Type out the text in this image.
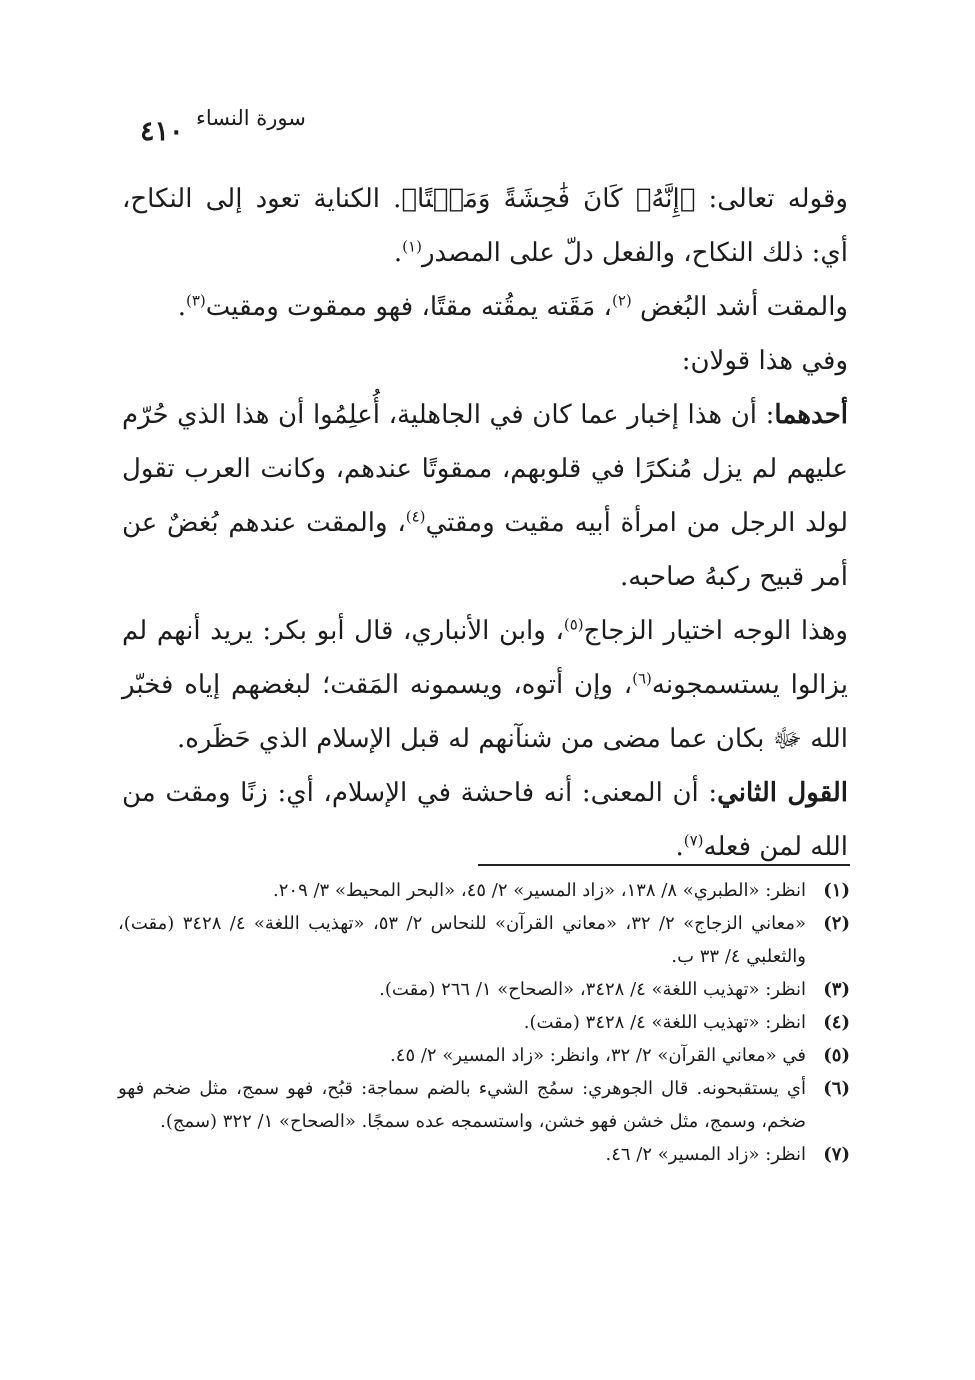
سورة النساء
٤١٠

وقوله تعالى: ﴿إِنَّهُۥ كَانَ فَٰحِشَةً وَمَقۡتًا﴾. الكناية تعود إلى النكاح، أي: ذلك النكاح، والفعل دلّ على المصدر$^{(١)}$.

والمقت أشد البُغض $^{(٢)}$، مَقَته يمقُته مقتًا، فهو ممقوت ومقيت$^{(٣)}$.

وفي هذا قولان:

أحدهما: أن هذا إخبار عما كان في الجاهلية، أُعلِمُوا أن هذا الذي حُرّم عليهم لم يزل مُنكرًا في قلوبهم، ممقوتًا عندهم، وكانت العرب تقول لولد الرجل من امرأة أبيه مقيت ومقتي$^{(٤)}$، والمقت عندهم بُغضٌ عن أمر قبيح ركبهُ صاحبه.

وهذا الوجه اختيار الزجاج$^{(٥)}$، وابن الأنباري، قال أبو بكر: يريد أنهم لم يزالوا يستسمجونه$^{(٦)}$، وإن أتوه، ويسمونه المَقت؛ لبغضهم إياه فخبّر الله ﷻ بكان عما مضى من شنآنهم له قبل الإسلام الذي حَظَره.

القول الثاني: أن المعنى: أنه فاحشة في الإسلام، أي: زنًا ومقت من الله لمن فعله$^{(٧)}$.

(١)
انظر: «الطبري» ٨/ ١٣٨، «زاد المسير» ٢/ ٤٥، «البحر المحيط» ٣/ ٢٠٩.
(٢)
«معاني الزجاج» ٢/ ٣٢، «معاني القرآن» للنحاس ٢/ ٥٣، «تهذيب اللغة» ٤/ ٣٤٢٨ (مقت)، والثعلبي ٤/ ٣٣ ب.
(٣)
انظر: «تهذيب اللغة» ٤/ ٣٤٢٨، «الصحاح» ١/ ٢٦٦ (مقت).
(٤)
انظر: «تهذيب اللغة» ٤/ ٣٤٢٨ (مقت).
(٥)
في «معاني القرآن» ٢/ ٣٢، وانظر: «زاد المسير» ٢/ ٤٥.
(٦)
أي يستقبحونه. قال الجوهري: سمُج الشيء بالضم سماجة: قبُح، فهو سمج، مثل ضخم فهو ضخم، وسمج، مثل خشن فهو خشن، واستسمجه عده سمجًا. «الصحاح» ١/ ٣٢٢ (سمج).
(٧)
انظر: «زاد المسير» ٢/ ٤٦.
